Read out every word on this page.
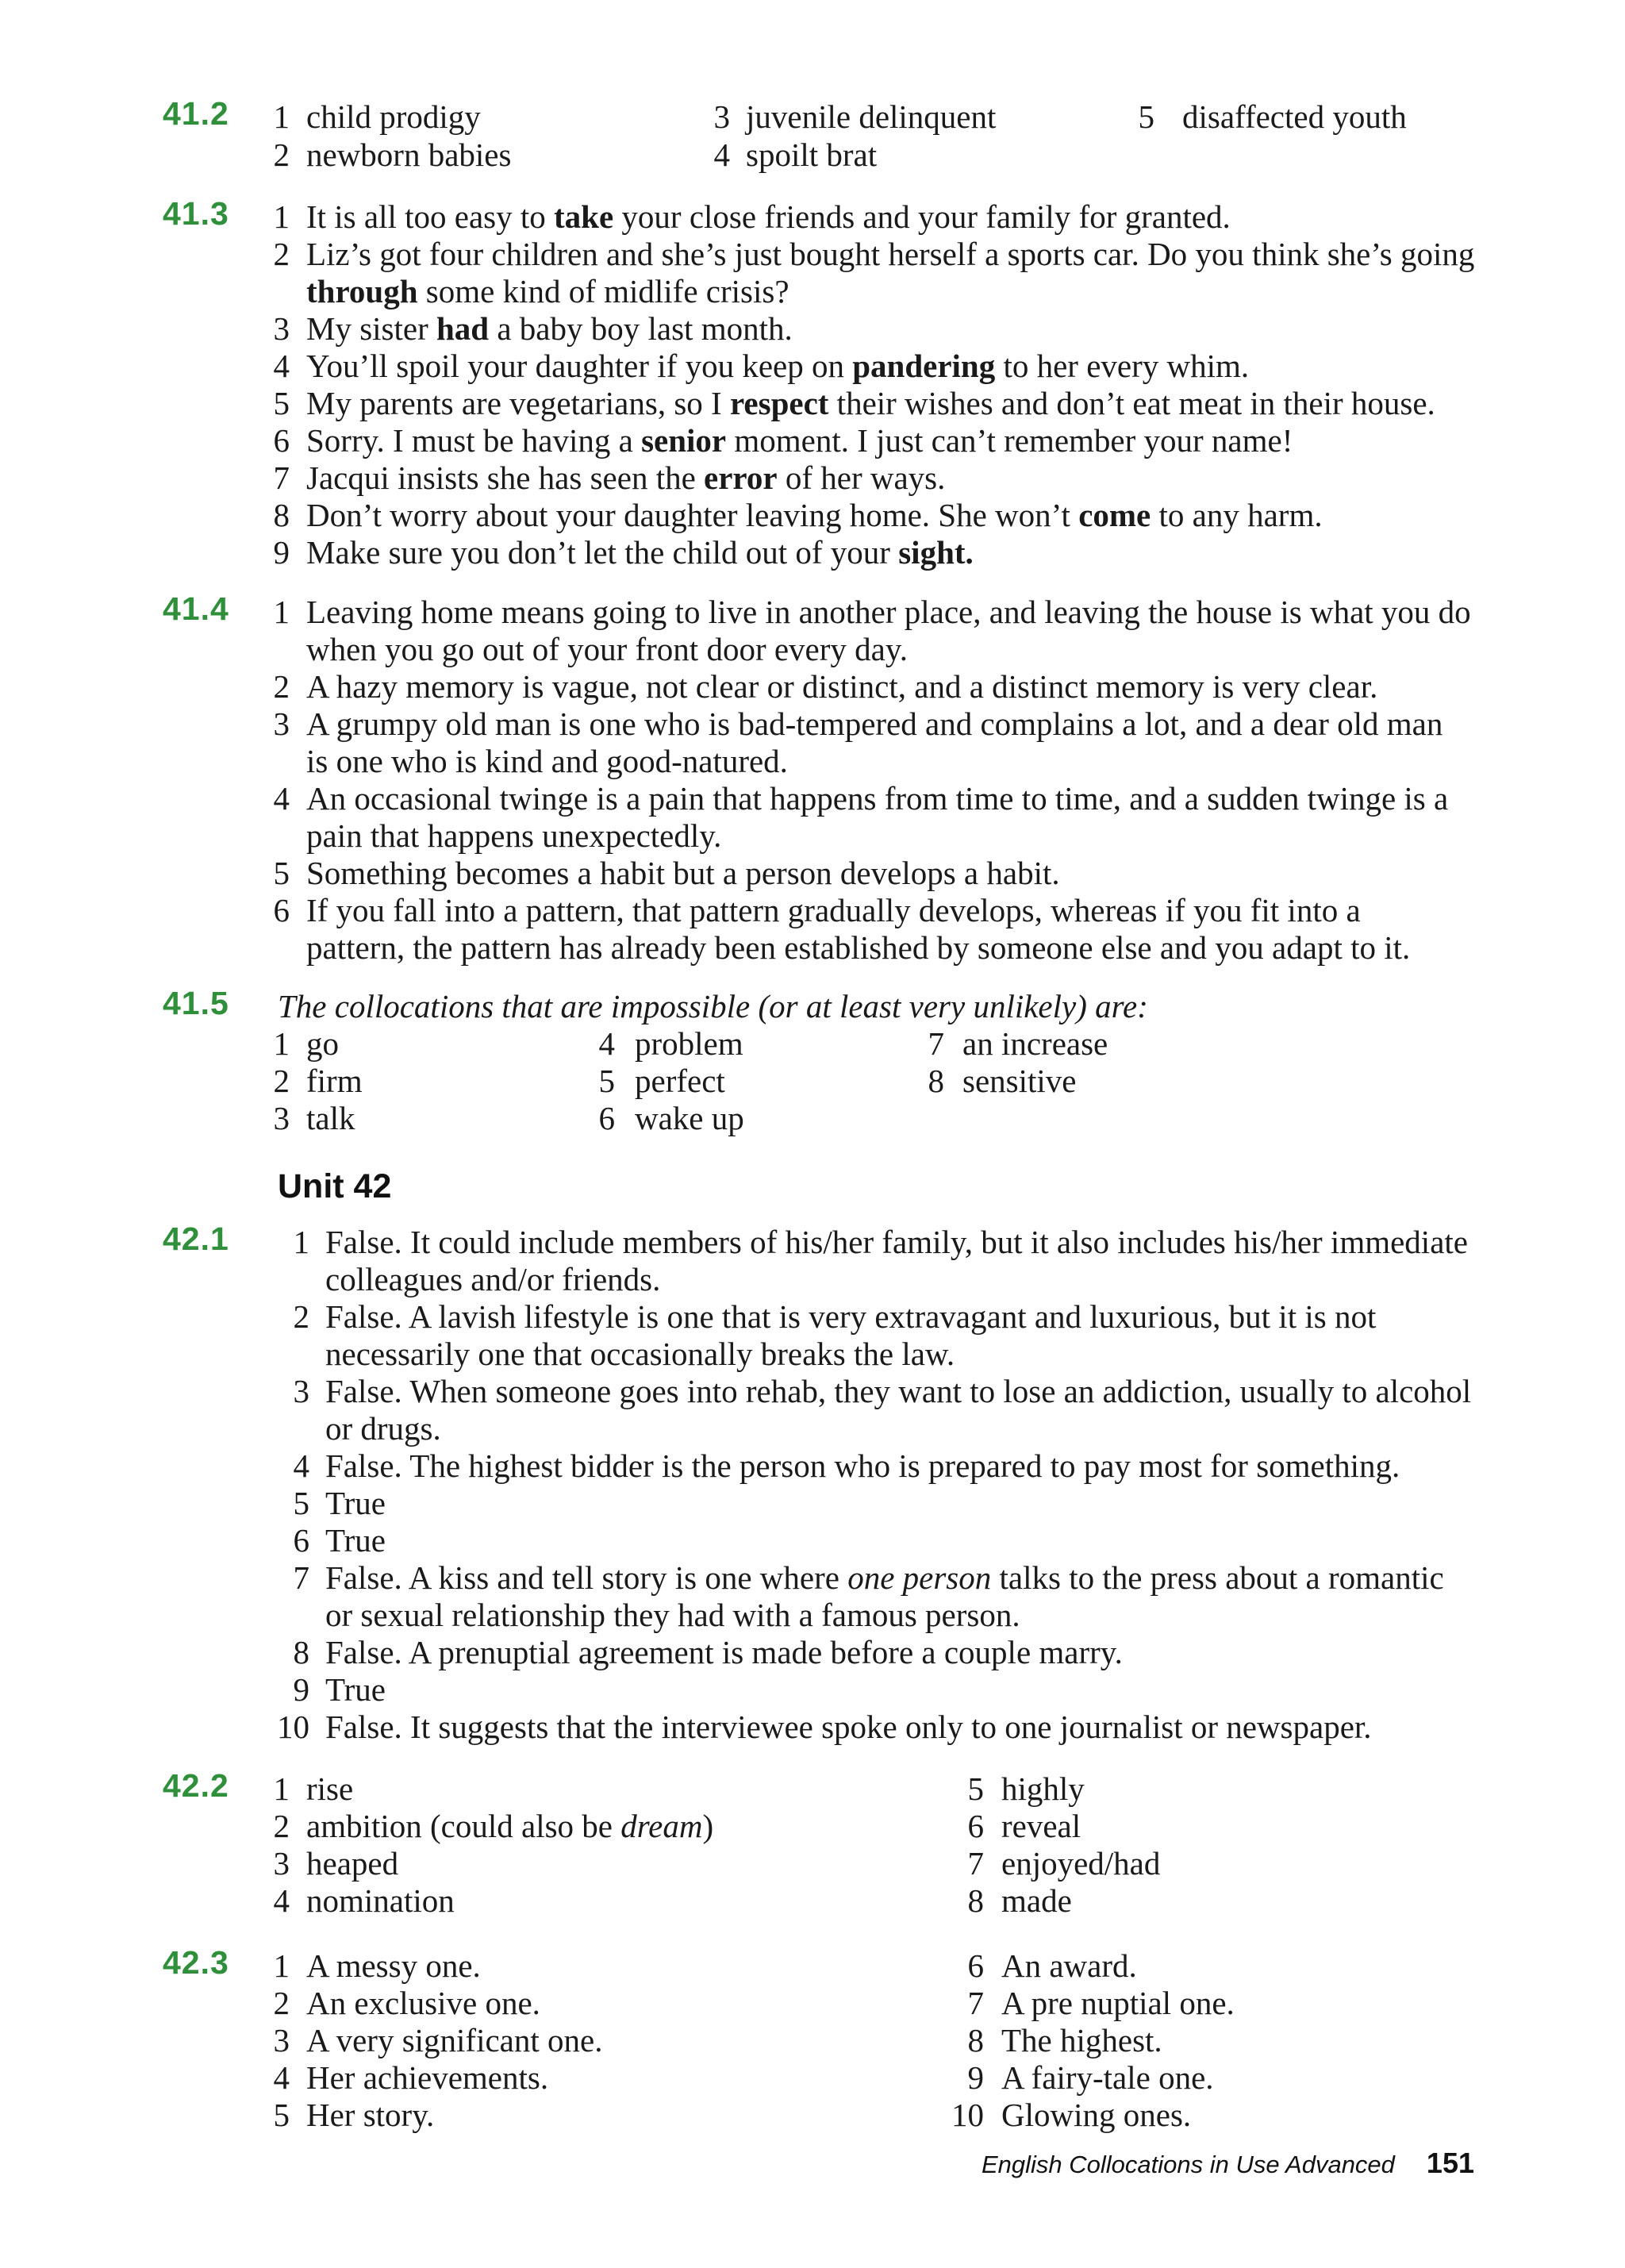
41.2	1 child prodigy	3 juvenile delinquent	5 disaffected youth
2 newborn babies	4 spoilt brat
41.3	1 It is all too easy to take your close friends and your family for granted.
2 Liz’s got four children and she’s just bought herself a sports car. Do you think she’s going
through some kind of midlife crisis?
3 My sister had a baby boy last month.
4 You’ll spoil your daughter if you keep on pandering to her every whim.
5 My parents are vegetarians, so I respect their wishes and don’t eat meat in their house.
6 Sorry. I must be having a senior moment. I just can’t remember your name!
7 Jacqui insists she has seen the error of her ways.
8 Don’t worry about your daughter leaving home. She won’t come to any harm.
9 Make sure you don’t let the child out of your sight.
41.4	1 Leaving home means going to live in another place, and leaving the house is what you do
when you go out of your front door every day.
2 A hazy memory is vague, not clear or distinct, and a distinct memory is very clear.
3 A grumpy old man is one who is bad-tempered and complains a lot, and a dear old man
is one who is kind and good-natured.
4 An occasional twinge is a pain that happens from time to time, and a sudden twinge is a
pain that happens unexpectedly.
5 Something becomes a habit but a person develops a habit.
6 If you fall into a pattern, that pattern gradually develops, whereas if you fit into a
pattern, the pattern has already been established by someone else and you adapt to it.
41.5 The collocations that are impossible (or at least very unlikely) are:
1 go	4 problem	7 an increase
2 firm	5 perfect	8 sensitive
3 talk	6 wake up
Unit 42
42.1	1 False. It could include members of his/her family, but it also includes his/her immediate
colleagues and/or friends.
2 False. A lavish lifestyle is one that is very extravagant and luxurious, but it is not
necessarily one that occasionally breaks the law.
3 False. When someone goes into rehab, they want to lose an addiction, usually to alcohol
or drugs.
4 False. The highest bidder is the person who is prepared to pay most for something.
5 True
6 True
7 False. A kiss and tell story is one where one person talks to the press about a romantic
or sexual relationship they had with a famous person.
8 False. A prenuptial agreement is made before a couple marry.
9 True
10 False. It suggests that the interviewee spoke only to one journalist or newspaper.
42.2	1 rise	5 highly
2 ambition (could also be dream)	6 reveal
3 heaped	7 enjoyed/had
4 nomination	8 made
42.3	1 A messy one.	6 An award.
2 An exclusive one.	7 A pre nuptial one.
3 A very significant one.	8 The highest.
4 Her achievements.	9 A fairy-tale one.
5 Her story.	10 Glowing ones.
English Collocations in Use Advanced 151
